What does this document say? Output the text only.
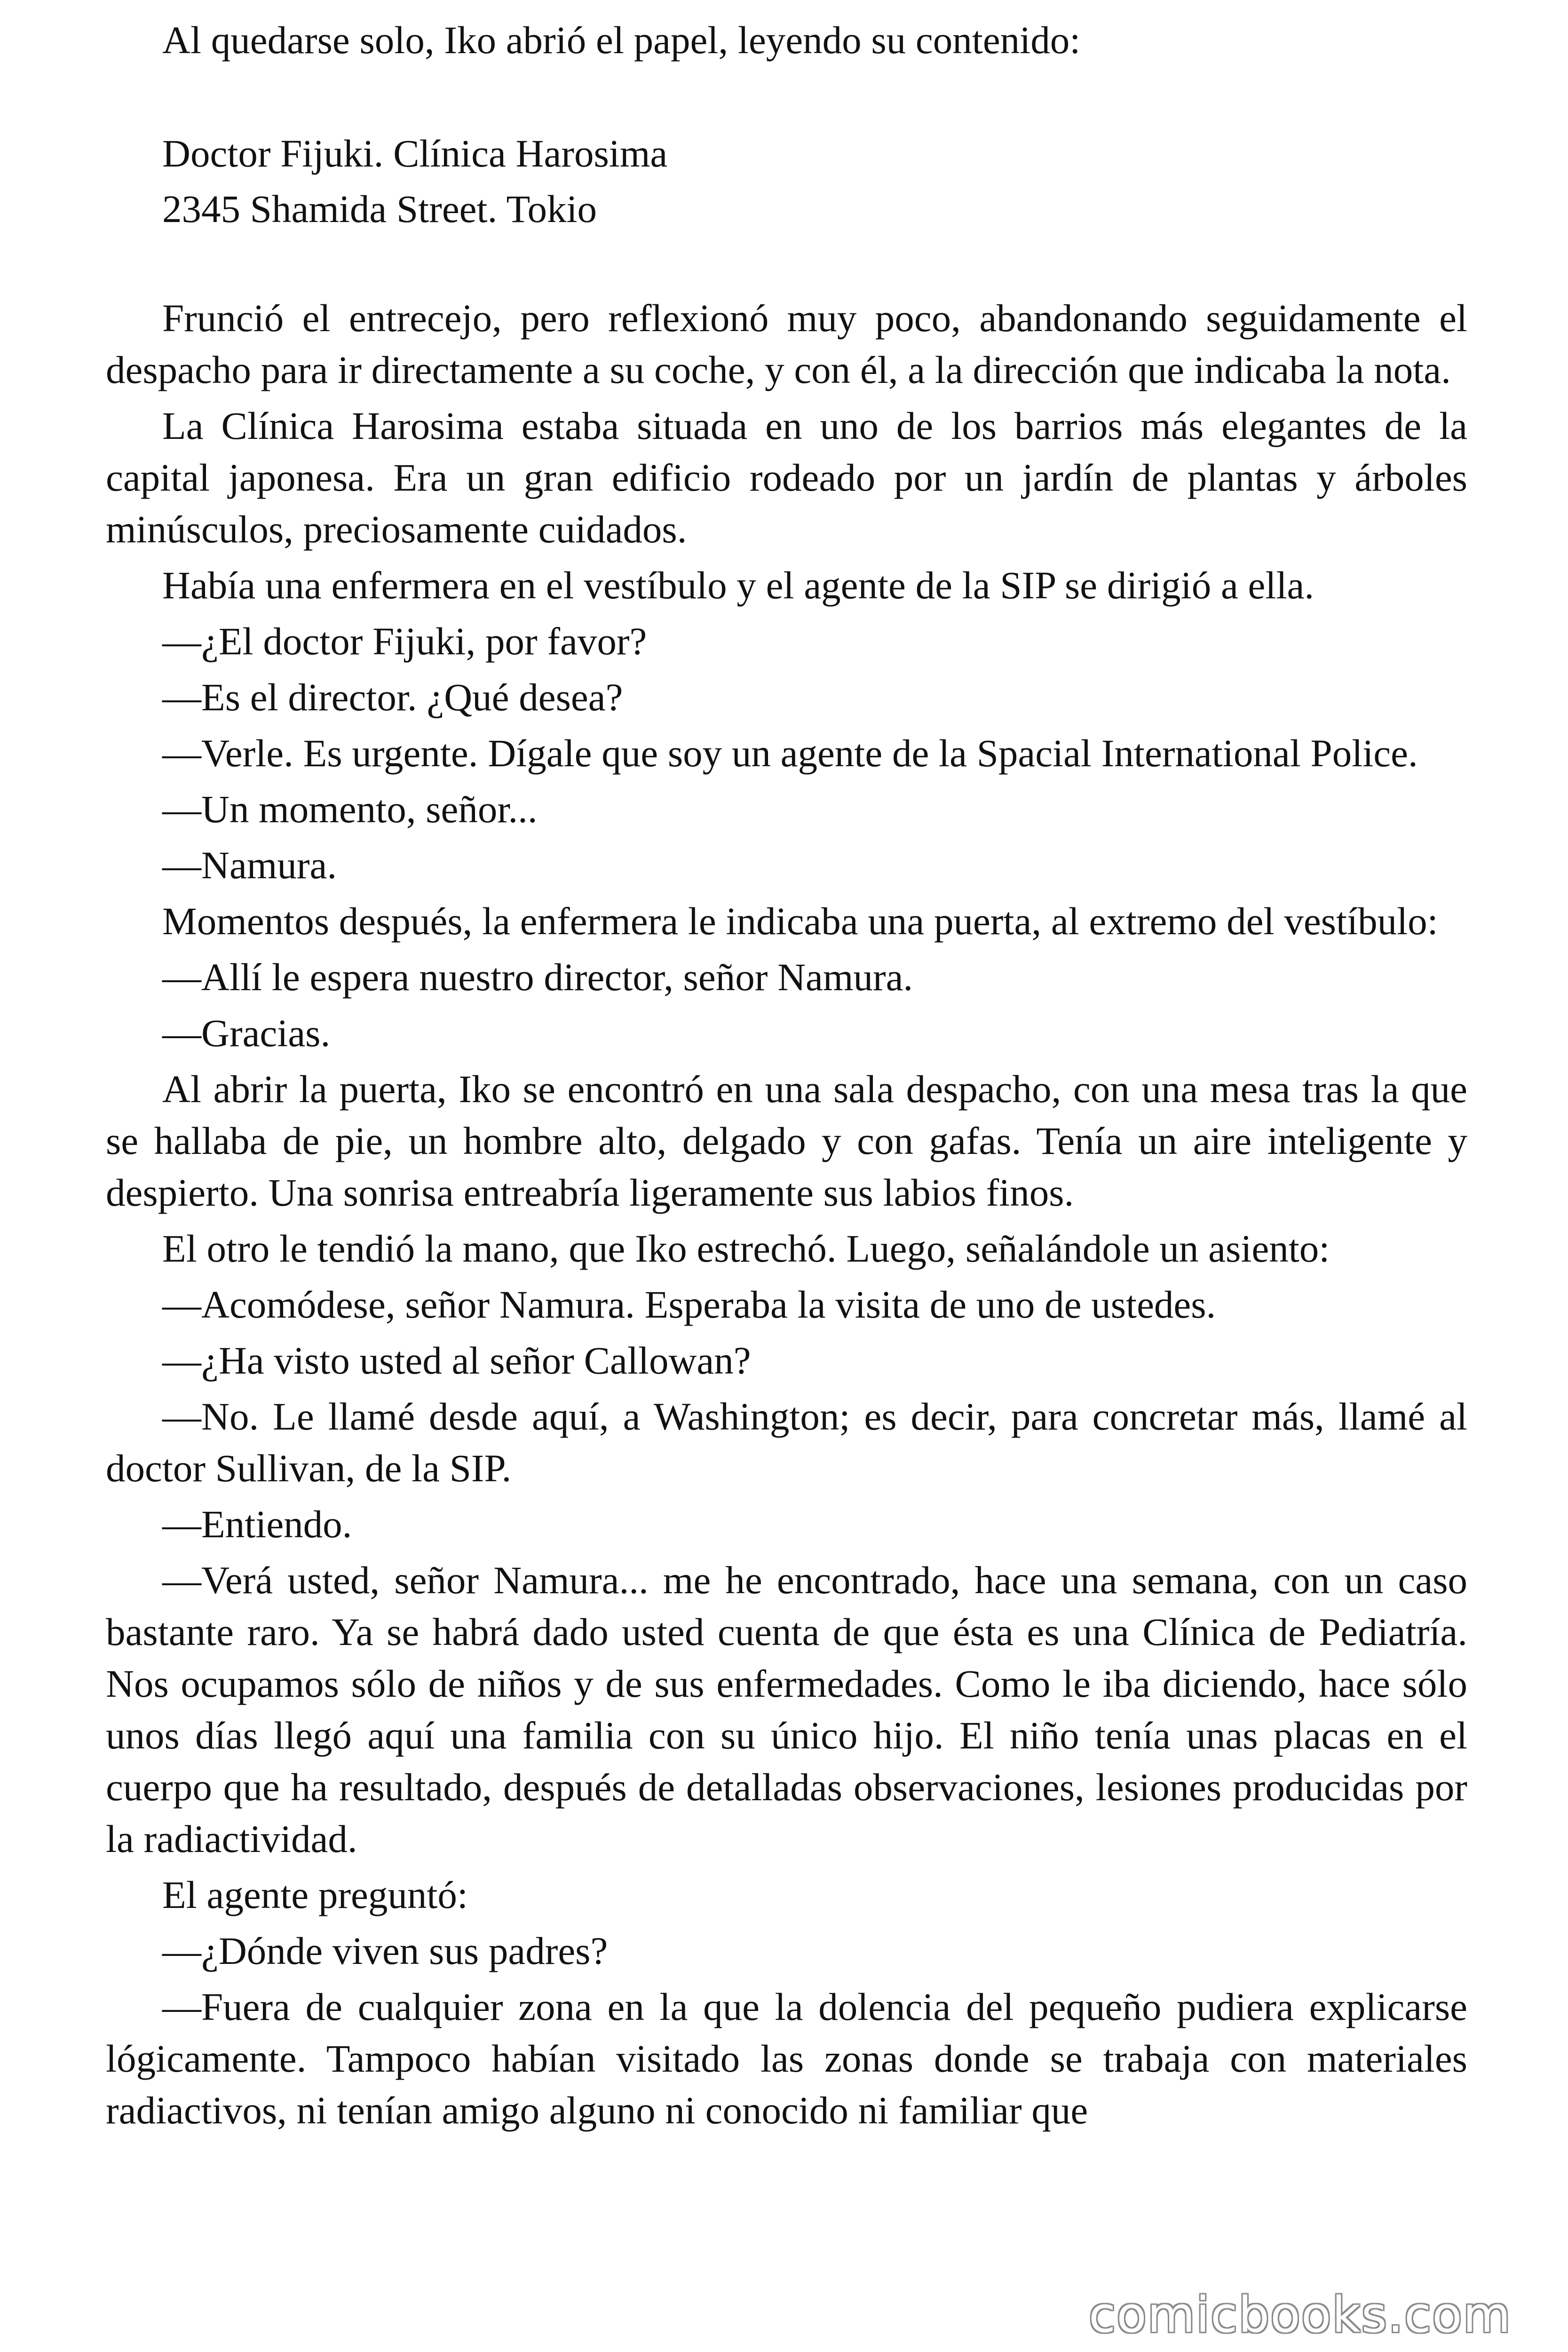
Al quedarse solo, Iko abrió el papel, leyendo su contenido:

Doctor Fijuki. Clínica Harosima

2345 Shamida Street. Tokio

Frunció el entrecejo, pero reflexionó muy poco, abandonando seguidamente el despacho para ir directamente a su coche, y con él, a la dirección que indicaba la nota.

La Clínica Harosima estaba situada en uno de los barrios más elegantes de la capital japonesa. Era un gran edificio rodeado por un jardín de plantas y árboles minúsculos, preciosamente cuidados.

Había una enfermera en el vestíbulo y el agente de la SIP se dirigió a ella.

—¿El doctor Fijuki, por favor?

—Es el director. ¿Qué desea?

—Verle. Es urgente. Dígale que soy un agente de la Spacial International Police.

—Un momento, señor...

—Namura.

Momentos después, la enfermera le indicaba una puerta, al extremo del vestíbulo:

—Allí le espera nuestro director, señor Namura.

—Gracias.

Al abrir la puerta, Iko se encontró en una sala despacho, con una mesa tras la que se hallaba de pie, un hombre alto, delgado y con gafas. Tenía un aire inteligente y despierto. Una sonrisa entreabría ligeramente sus labios finos.

El otro le tendió la mano, que Iko estrechó. Luego, señalándole un asiento:

—Acomódese, señor Namura. Esperaba la visita de uno de ustedes.

—¿Ha visto usted al señor Callowan?

—No. Le llamé desde aquí, a Washington; es decir, para concretar más, llamé al doctor Sullivan, de la SIP.

—Entiendo.

—Verá usted, señor Namura... me he encontrado, hace una semana, con un caso bastante raro. Ya se habrá dado usted cuenta de que ésta es una Clínica de Pediatría. Nos ocupamos sólo de niños y de sus enfermedades. Como le iba diciendo, hace sólo unos días llegó aquí una familia con su único hijo. El niño tenía unas placas en el cuerpo que ha resultado, después de detalladas observaciones, lesiones producidas por la radiactividad.

El agente preguntó:

—¿Dónde viven sus padres?

—Fuera de cualquier zona en la que la dolencia del pequeño pudiera explicarse lógicamente. Tampoco habían visitado las zonas donde se trabaja con materiales radiactivos, ni tenían amigo alguno ni conocido ni familiar que

comicbooks.com
